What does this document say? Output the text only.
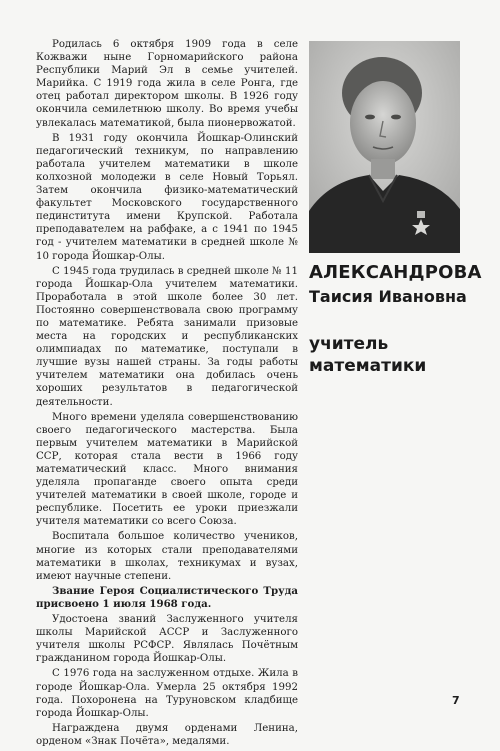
Родилась 6 октября 1909 года в селе Кожважи ныне Горномарийского района Республики Марий Эл в семье учителей. Марийка. С 1919 года жила в селе Ронга, где отец работал директором школы. В 1926 году окончила семилетнюю школу. Во время учебы увлекалась математикой, была пионервожатой.

В 1931 году окончила Йошкар-Олинский педагогический техникум, по направлению работала учителем математики в школе колхозной молодежи в селе Новый Торьял. Затем окончила физико-математический факультет Московского государственного пединститута имени Крупской. Работала преподавателем на рабфаке, а с 1941 по 1945 год - учителем математики в средней школе № 10 города Йошкар-Олы.

С 1945 года трудилась в средней школе № 11 города Йошкар-Ола учителем математики. Проработала в этой школе более 30 лет. Постоянно совершенствовала свою программу по математике. Ребята занимали призовые места на городских и республиканских олимпиадах по математике, поступали в лучшие вузы нашей страны. За годы работы учителем математики она добилась очень хороших результатов в педагогической деятельности.

Много времени уделяла совершенствованию своего педагогического мастерства. Была первым учителем математики в Марийской ССР, которая стала вести в 1966 году математический класс. Много внимания уделяла пропаганде своего опыта среди учителей математики в своей школе, городе и республике. Посетить ее уроки приезжали учителя математики со всего Союза.

Воспитала большое количество учеников, многие из которых стали преподавателями математики в школах, техникумах и вузах, имеют научные степени.

Звание Героя Социалистического Труда присвоено 1 июля 1968 года.

Удостоена званий Заслуженного учителя школы Марийской АССР и Заслуженного учителя школы РСФСР. Являлась Почётным гражданином города Йошкар-Олы.

С 1976 года на заслуженном отдыхе. Жила в городе Йошкар-Ола. Умерла 25 октября 1992 года. Похоронена на Туруновском кладбище города Йошкар-Олы.

Награждена двумя орденами Ленина, орденом «Знак Почёта», медалями.

АЛЕКСАНДРОВА
Таисия Ивановна
учитель
математики
7
